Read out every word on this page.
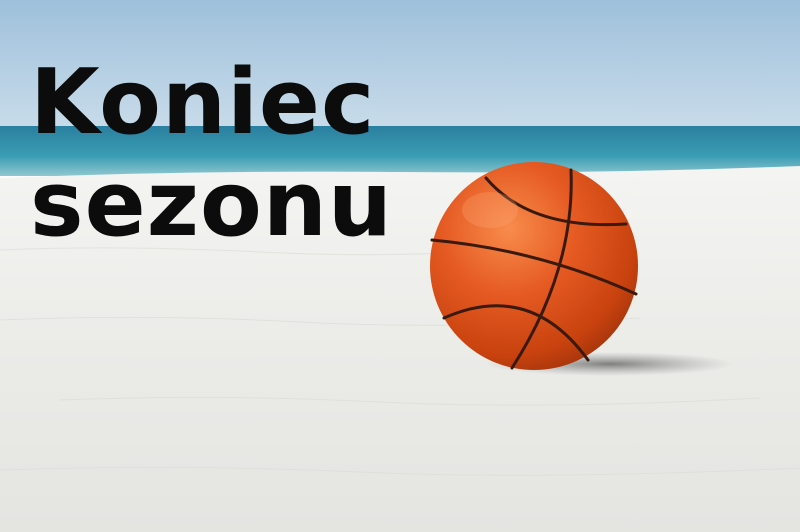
Koniec
sezonu
